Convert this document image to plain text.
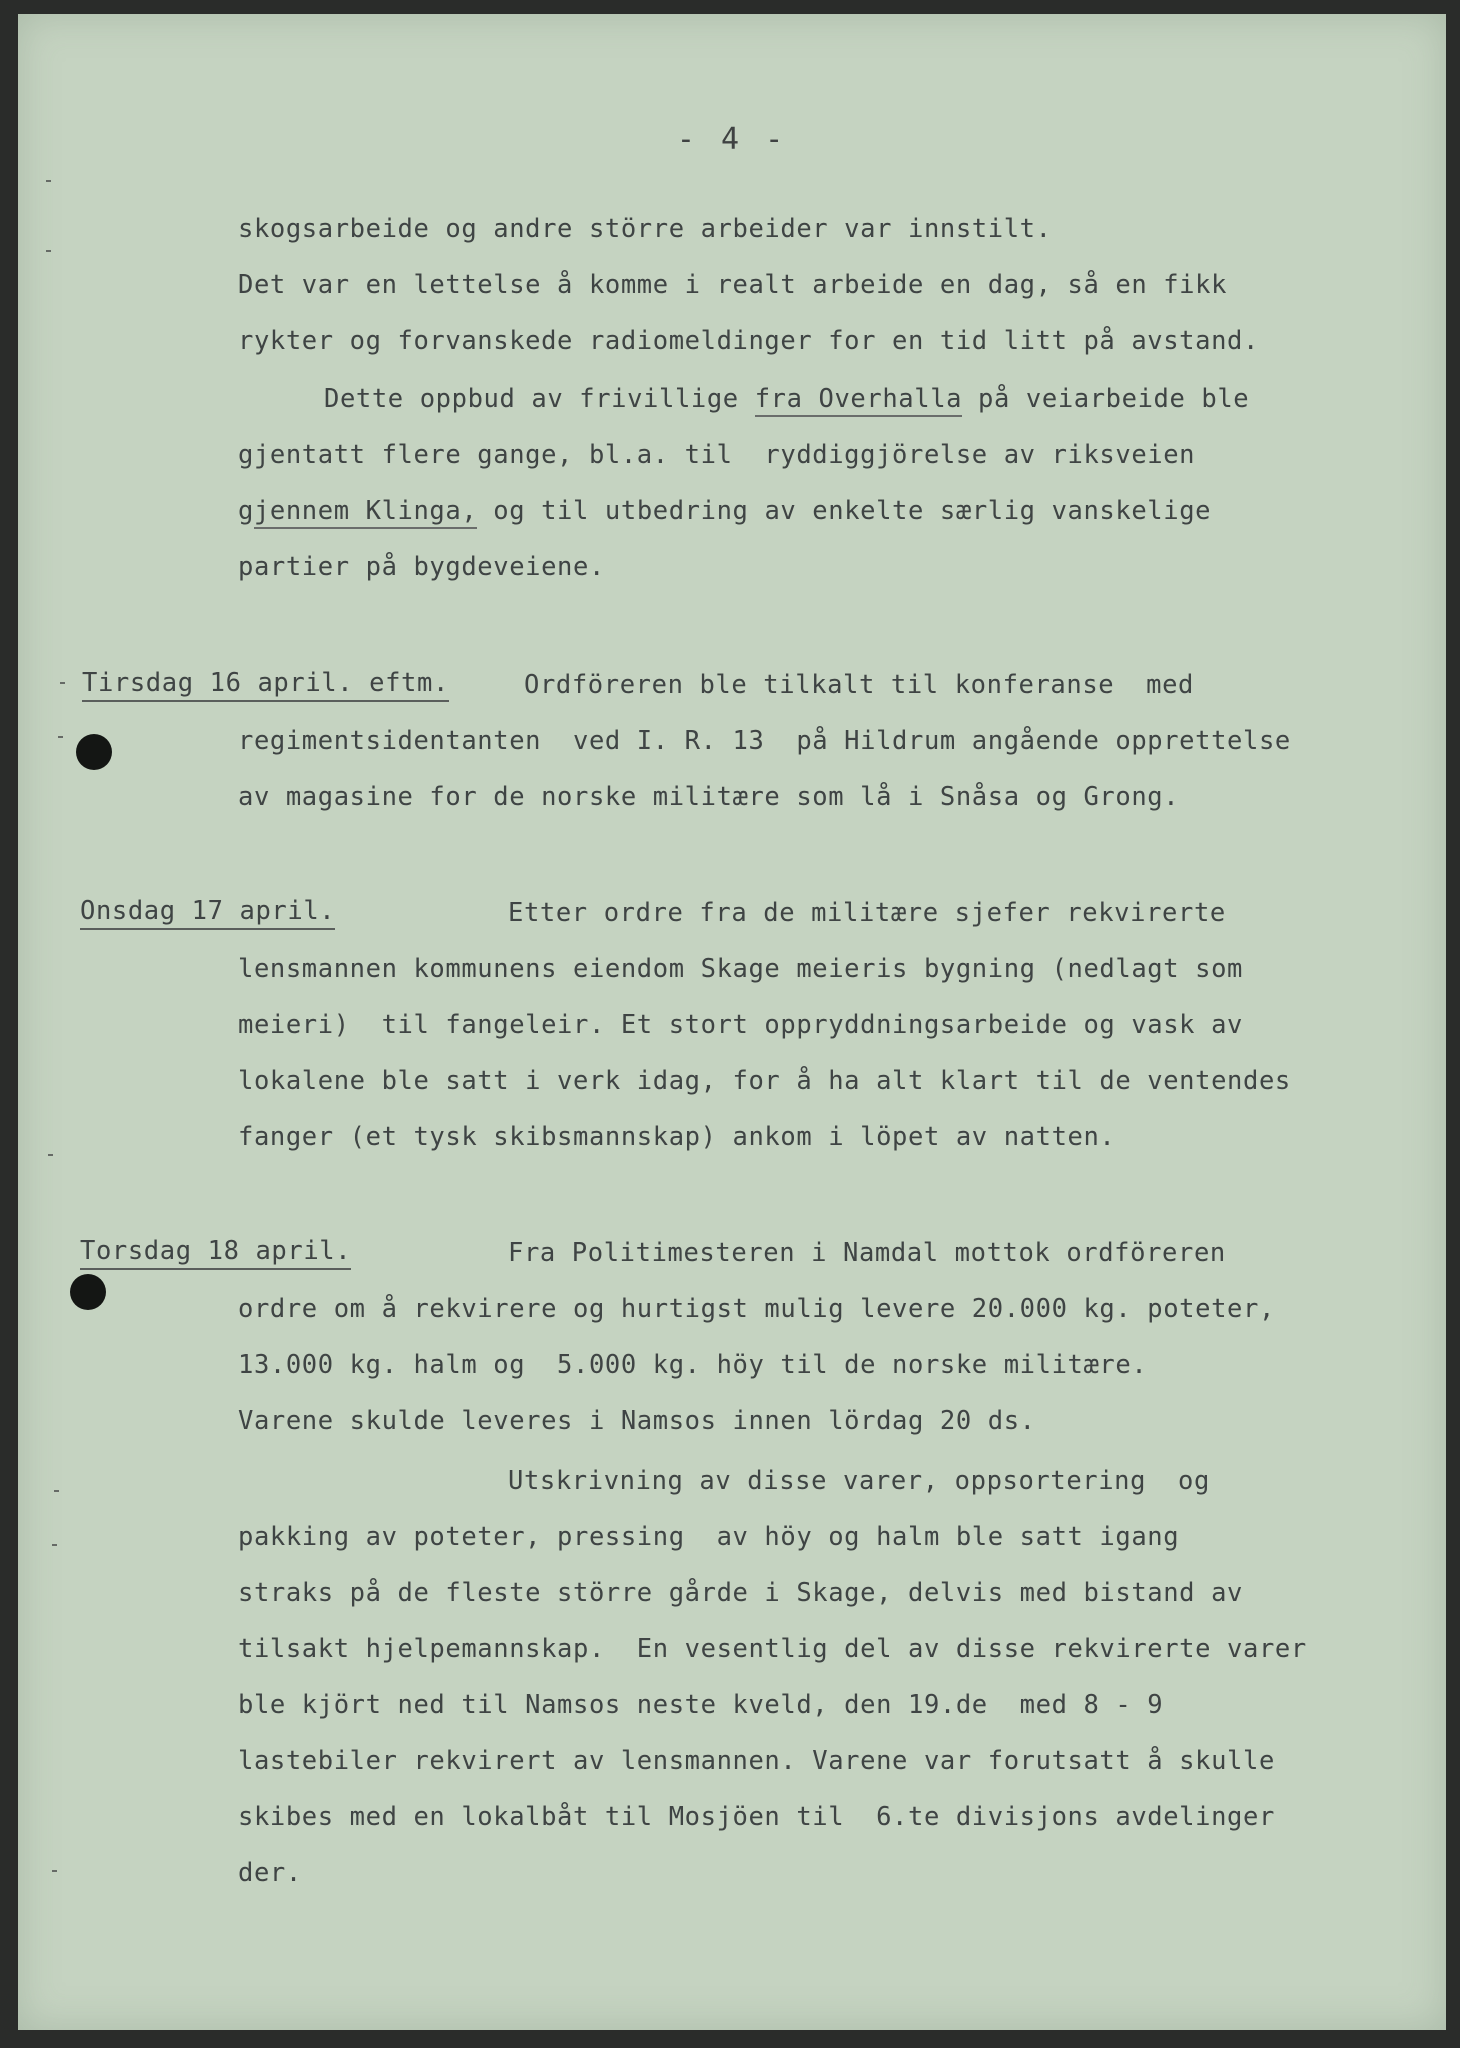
- 4 -
skogsarbeide og andre större arbeider var innstilt.
Det var en lettelse å komme i realt arbeide en dag, så en fikk
rykter og forvanskede radiomeldinger for en tid litt på avstand.
Dette oppbud av frivillige fra Overhalla på veiarbeide ble
gjentatt flere gange, bl.a. til  ryddiggjörelse av riksveien
gjennem Klinga, og til utbedring av enkelte særlig vanskelige
partier på bygdeveiene.
Tirsdag 16 april. eftm.	Ordföreren ble tilkalt til konferanse  med
regimentsidentanten  ved I. R. 13  på Hildrum angående opprettelse
av magasine for de norske militære som lå i Snåsa og Grong.
Onsdag 17 april.	Etter ordre fra de militære sjefer rekvirerte
lensmannen kommunens eiendom Skage meieris bygning (nedlagt som
meieri)  til fangeleir. Et stort oppryddningsarbeide og vask av
lokalene ble satt i verk idag, for å ha alt klart til de ventendes
fanger (et tysk skibsmannskap) ankom i löpet av natten.
Torsdag 18 april.	Fra Politimesteren i Namdal mottok ordföreren
ordre om å rekvirere og hurtigst mulig levere 20.000 kg. poteter,
13.000 kg. halm og  5.000 kg. höy til de norske militære.
Varene skulde leveres i Namsos innen lördag 20 ds.
Utskrivning av disse varer, oppsortering  og
pakking av poteter, pressing  av höy og halm ble satt igang
straks på de fleste större gårde i Skage, delvis med bistand av
tilsakt hjelpemannskap.  En vesentlig del av disse rekvirerte varer
ble kjört ned til Namsos neste kveld, den 19.de  med 8 - 9
lastebiler rekvirert av lensmannen. Varene var forutsatt å skulle
skibes med en lokalbåt til Mosjöen til  6.te divisjons avdelinger
der.
